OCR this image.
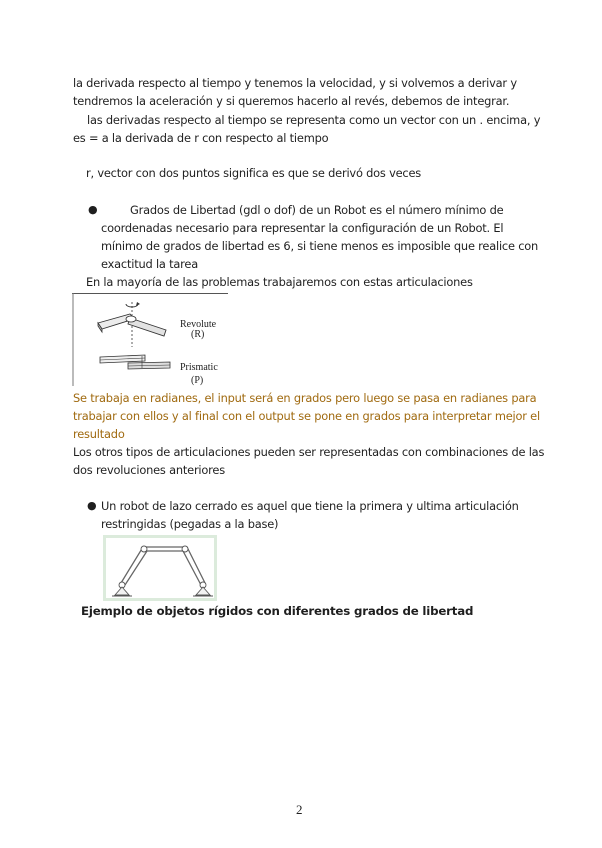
la derivada respecto al tiempo y tenemos la velocidad, y si volvemos a derivar y

tendremos la aceleración y si queremos hacerlo al revés, debemos de integrar.

las derivadas respecto al tiempo se representa como un vector con un . encima, y

es = a la derivada de r con respecto al tiempo

r, vector con dos puntos significa es que se derivó dos veces

●	Grados de Libertad (gdl o dof) de un Robot es el número mínimo de

coordenadas necesario para representar la configuración de un Robot. El

mínimo de grados de libertad es 6, si tiene menos es imposible que realice con

exactitud la tarea

En la mayoría de las problemas trabajaremos con estas articulaciones

Revolute
(R)
Prismatic
(P)

Se trabaja en radianes, el input será en grados pero luego se pasa en radianes para

trabajar con ellos y al final con el output se pone en grados para interpretar mejor el

resultado

Los otros tipos de articulaciones pueden ser representadas con combinaciones de las

dos revoluciones anteriores

● Un robot de lazo cerrado es aquel que tiene la primera y ultima articulación

restringidas (pegadas a la base)

Ejemplo de objetos rígidos con diferentes grados de libertad

2
